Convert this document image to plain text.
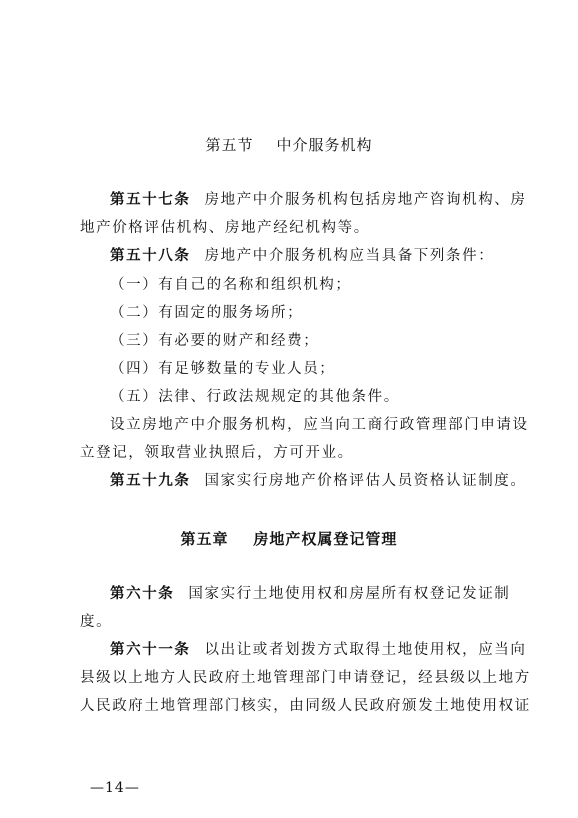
第五节    中介服务机构
第五十七条 房地产中介服务机构包括房地产咨询机构、房
地产价格评估机构、房地产经纪机构等。
第五十八条 房地产中介服务机构应当具备下列条件：
（一）有自己的名称和组织机构；
（二）有固定的服务场所；
（三）有必要的财产和经费；
（四）有足够数量的专业人员；
（五）法律、行政法规规定的其他条件。
设立房地产中介服务机构，应当向工商行政管理部门申请设
立登记，领取营业执照后，方可开业。
第五十九条 国家实行房地产价格评估人员资格认证制度。
第五章    房地产权属登记管理
第六十条 国家实行土地使用权和房屋所有权登记发证制
度。
第六十一条 以出让或者划拨方式取得土地使用权，应当向
县级以上地方人民政府土地管理部门申请登记，经县级以上地方
人民政府土地管理部门核实，由同级人民政府颁发土地使用权证
—14—
